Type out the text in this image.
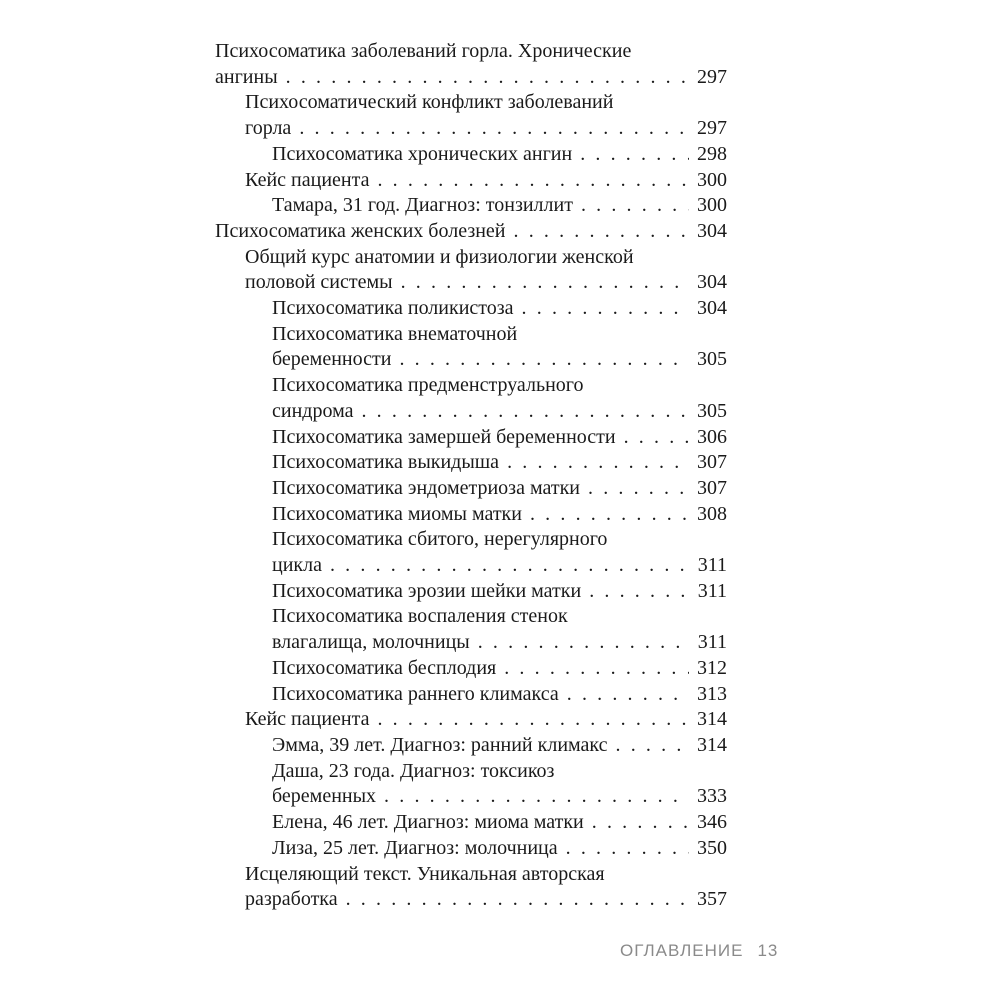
Психосоматика заболеваний горла. Хронические
ангины . . .	297
Психосоматический конфликт заболеваний
горла . . .	297
Психосоматика хронических ангин . . .	298
Кейс пациента . . .	300
Тамара, 31 год. Диагноз: тонзиллит . . .	300
Психосоматика женских болезней . . .	304
Общий курс анатомии и физиологии женской
половой системы . . .	304
Психосоматика поликистоза . . .	304
Психосоматика внематочной
беременности . . .	305
Психосоматика предменструального
синдрома . . .	305
Психосоматика замершей беременности . . .	306
Психосоматика выкидыша . . .	307
Психосоматика эндометриоза матки . . .	307
Психосоматика миомы матки . . .	308
Психосоматика сбитого, нерегулярного
цикла . . .	311
Психосоматика эрозии шейки матки . . .	311
Психосоматика воспаления стенок
влагалища, молочницы . . .	311
Психосоматика бесплодия . . .	312
Психосоматика раннего климакса . . .	313
Кейс пациента . . .	314
Эмма, 39 лет. Диагноз: ранний климакс . . .	314
Даша, 23 года. Диагноз: токсикоз
беременных . . .	333
Елена, 46 лет. Диагноз: миома матки . . .	346
Лиза, 25 лет. Диагноз: молочница . . .	350
Исцеляющий текст. Уникальная авторская
разработка . . .	357
ОГЛАВЛЕНИЕ 13
